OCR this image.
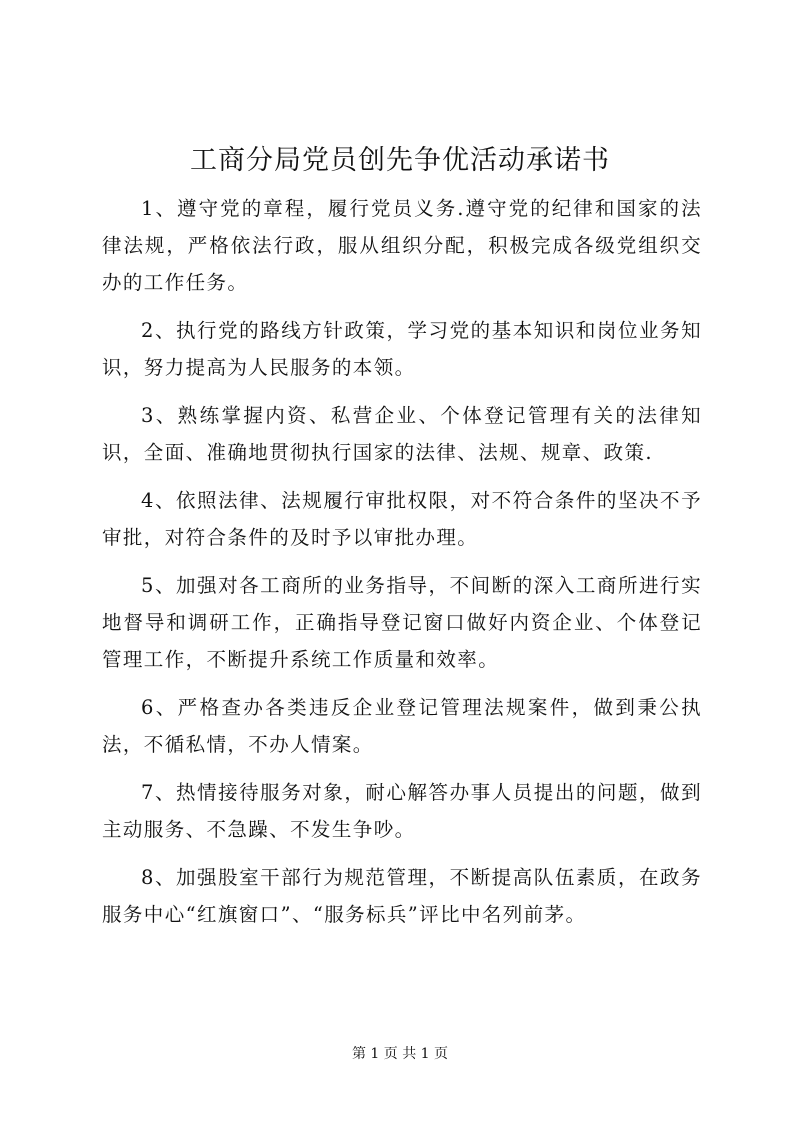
工商分局党员创先争优活动承诺书

1、遵守党的章程，履行党员义务.遵守党的纪律和国家的法律法规，严格依法行政，服从组织分配，积极完成各级党组织交办的工作任务。

2、执行党的路线方针政策，学习党的基本知识和岗位业务知识，努力提高为人民服务的本领。

3、熟练掌握内资、私营企业、个体登记管理有关的法律知识，全面、准确地贯彻执行国家的法律、法规、规章、政策.

4、依照法律、法规履行审批权限，对不符合条件的坚决不予审批，对符合条件的及时予以审批办理。

5、加强对各工商所的业务指导，不间断的深入工商所进行实地督导和调研工作，正确指导登记窗口做好内资企业、个体登记管理工作，不断提升系统工作质量和效率。

6、严格查办各类违反企业登记管理法规案件，做到秉公执法，不循私情，不办人情案。

7、热情接待服务对象，耐心解答办事人员提出的问题，做到主动服务、不急躁、不发生争吵。

8、加强股室干部行为规范管理，不断提高队伍素质，在政务服务中心“红旗窗口”、“服务标兵”评比中名列前茅。

第 1 页 共 1 页
